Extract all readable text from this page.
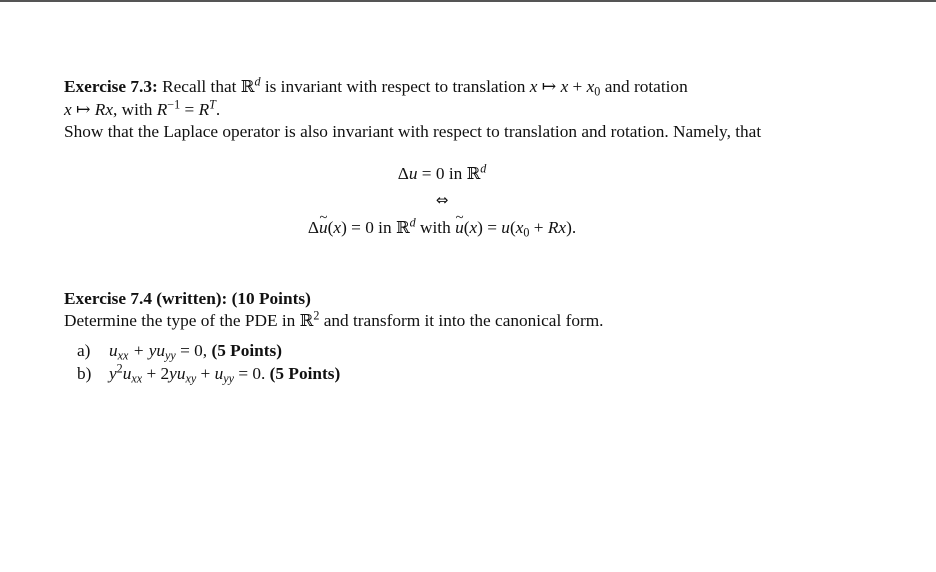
Exercise 7.3: Recall that ℝ$^d$ is invariant with respect to translation x ↦ $x + x_0$ and rotation
x ↦ Rx, with $R^{-1} = R^T$.

Show that the Laplace operator is also invariant with respect to translation and rotation. Namely, that

Δu = 0 in ℝ$^d$
⇔
Δ~ u(x) = 0 in ℝ$^d$ with ~ $u(x) = u(x_0 + Rx)$.

Exercise 7.4 (written): (10 Points)

Determine the type of the PDE in ℝ$^2$ and transform it into the canonical form.

a) $u_{xx} + yu_{yy} = 0$, (5 Points)
b) $y^2u_{xx} + 2yu_{xy} + u_{yy} = 0$. (5 Points)
